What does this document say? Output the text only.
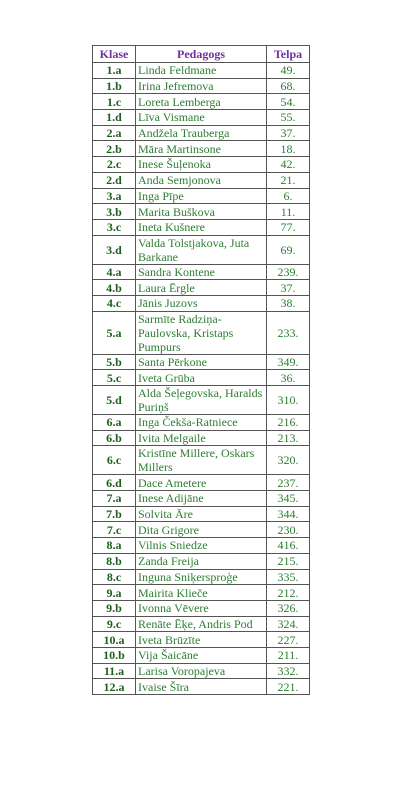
Klase	Pedagogs	Telpa
1.a	Linda Feldmane	49.
1.b	Irina Jefremova	68.
1.c	Loreta Lemberga	54.
1.d	Līva Vismane	55.
2.a	Andžela Trauberga	37.
2.b	Māra Martinsone	18.
2.c	Inese Šuļenoka	42.
2.d	Anda Semjonova	21.
3.a	Inga Pīpe	6.
3.b	Marita Buškova	11.
3.c	Ineta Kušnere	77.
3.d	Valda Tolstjakova, Juta Barkane	69.
4.a	Sandra Kontene	239.
4.b	Laura Ērgle	37.
4.c	Jānis Juzovs	38.
5.a	Sarmīte Radziņa-Paulovska, Kristaps Pumpurs	233.
5.b	Santa Pērkone	349.
5.c	Iveta Grūba	36.
5.d	Alda Šeļegovska, Haralds Puriņš	310.
6.a	Inga Čekša-Ratniece	216.
6.b	Ivita Melgaile	213.
6.c	Kristīne Millere, Oskars Millers	320.
6.d	Dace Ametere	237.
7.a	Inese Adijāne	345.
7.b	Solvita Āre	344.
7.c	Dita Grigore	230.
8.a	Vilnis Sniedze	416.
8.b	Zanda Freija	215.
8.c	Inguna Sniķersproģe	335.
9.a	Mairita Kliečе	212.
9.b	Ivonna Vēvere	326.
9.c	Renāte Ēķe, Andris Pod	324.
10.a	Iveta Brūzīte	227.
10.b	Vija Šaicāne	211.
11.a	Larisa Voropajeva	332.
12.a	Ivaise Šīra	221.
